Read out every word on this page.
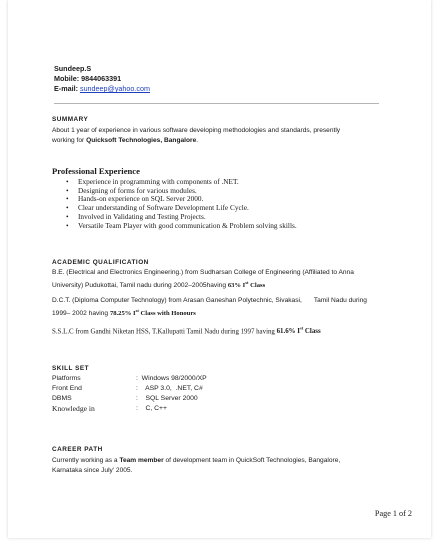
Sundeep.S
Mobile: 9844063391
E-mail: sundeep@yahoo.com
SUMMARY
About 1 year of experience in various software developing methodologies and standards, presently
working for Quicksoft Technologies, Bangalore.
Professional Experience
• Experience in programming with components of .NET.
• Designing of forms for various modules.
• Hands-on experience on SQL Server 2000.
• Clear understanding of Software Development Life Cycle.
• Involved in Validating and Testing Projects.
• Versatile Team Player with good communication & Problem solving skills.
ACADEMIC QUALIFICATION
B.E. (Electrical and Electronics Engineering.) from Sudharsan College of Engineering (Affiliated to Anna
University) Pudukottai, Tamil nadu during 2002–2005having 63% Ist Class
D.C.T. (Diploma Computer Technology) from Arasan Ganeshan Polytechnic, Sivakasi, Tamil Nadu during
1999– 2002 having 78.25% Ist Class with Honours
S.S.L.C from Gandhi Niketan HSS, T.Kallupatti Tamil Nadu during 1997 having 61.6% Ist Class
SKILL SET
Platforms	:  Windows 98/2000/XP
Front End	:    ASP 3.0,  .NET, C#
DBMS	:    SQL Server 2000
Knowledge in	:    C, C++
CAREER PATH
Currently working as a Team member of development team in QuickSoft Technologies, Bangalore,
Karnataka since July' 2005.
Page 1 of 2
